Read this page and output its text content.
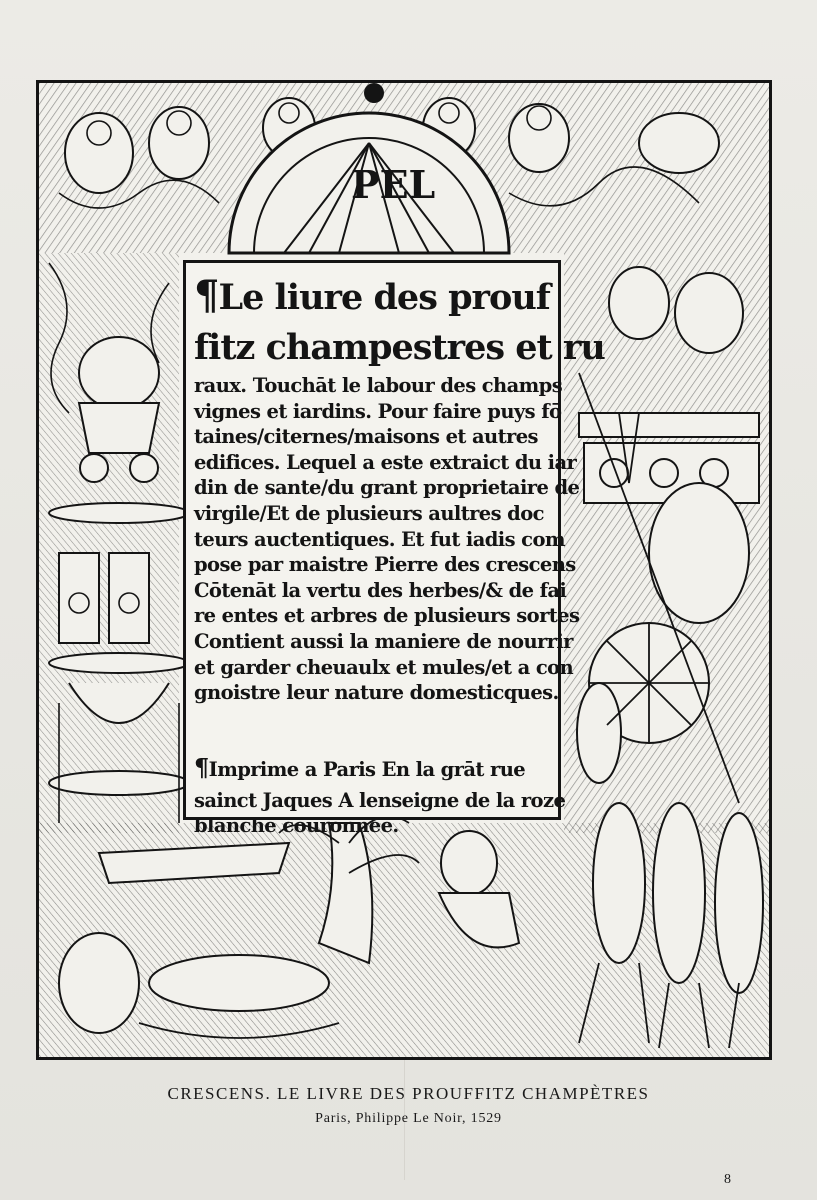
PEL

¶Le liure des prouf

fitz champestres et ru

raux. Touchāt le labour des champs

vignes et iardins. Pour faire puys fō

taines/citernes/maisons et autres

edifices. Lequel a este extraict du iar

din de sante/du grant proprietaire de

virgile/Et de plusieurs aultres doc

teurs auctentiques. Et fut iadis com

pose par maistre Pierre des crescens

Cōtenāt la vertu des herbes/& de fai

re entes et arbres de plusieurs sortes

Contient aussi la maniere de nourrir

et garder cheuaulx et mules/et a con

gnoistre leur nature domesticques.

¶Imprime a Paris En la grāt rue

sainct Jaques A lenseigne de la roze

blanche couronnee.

CRESCENS. LE LIVRE DES PROUFFITZ CHAMPÈTRES
Paris, Philippe Le Noir, 1529
8
